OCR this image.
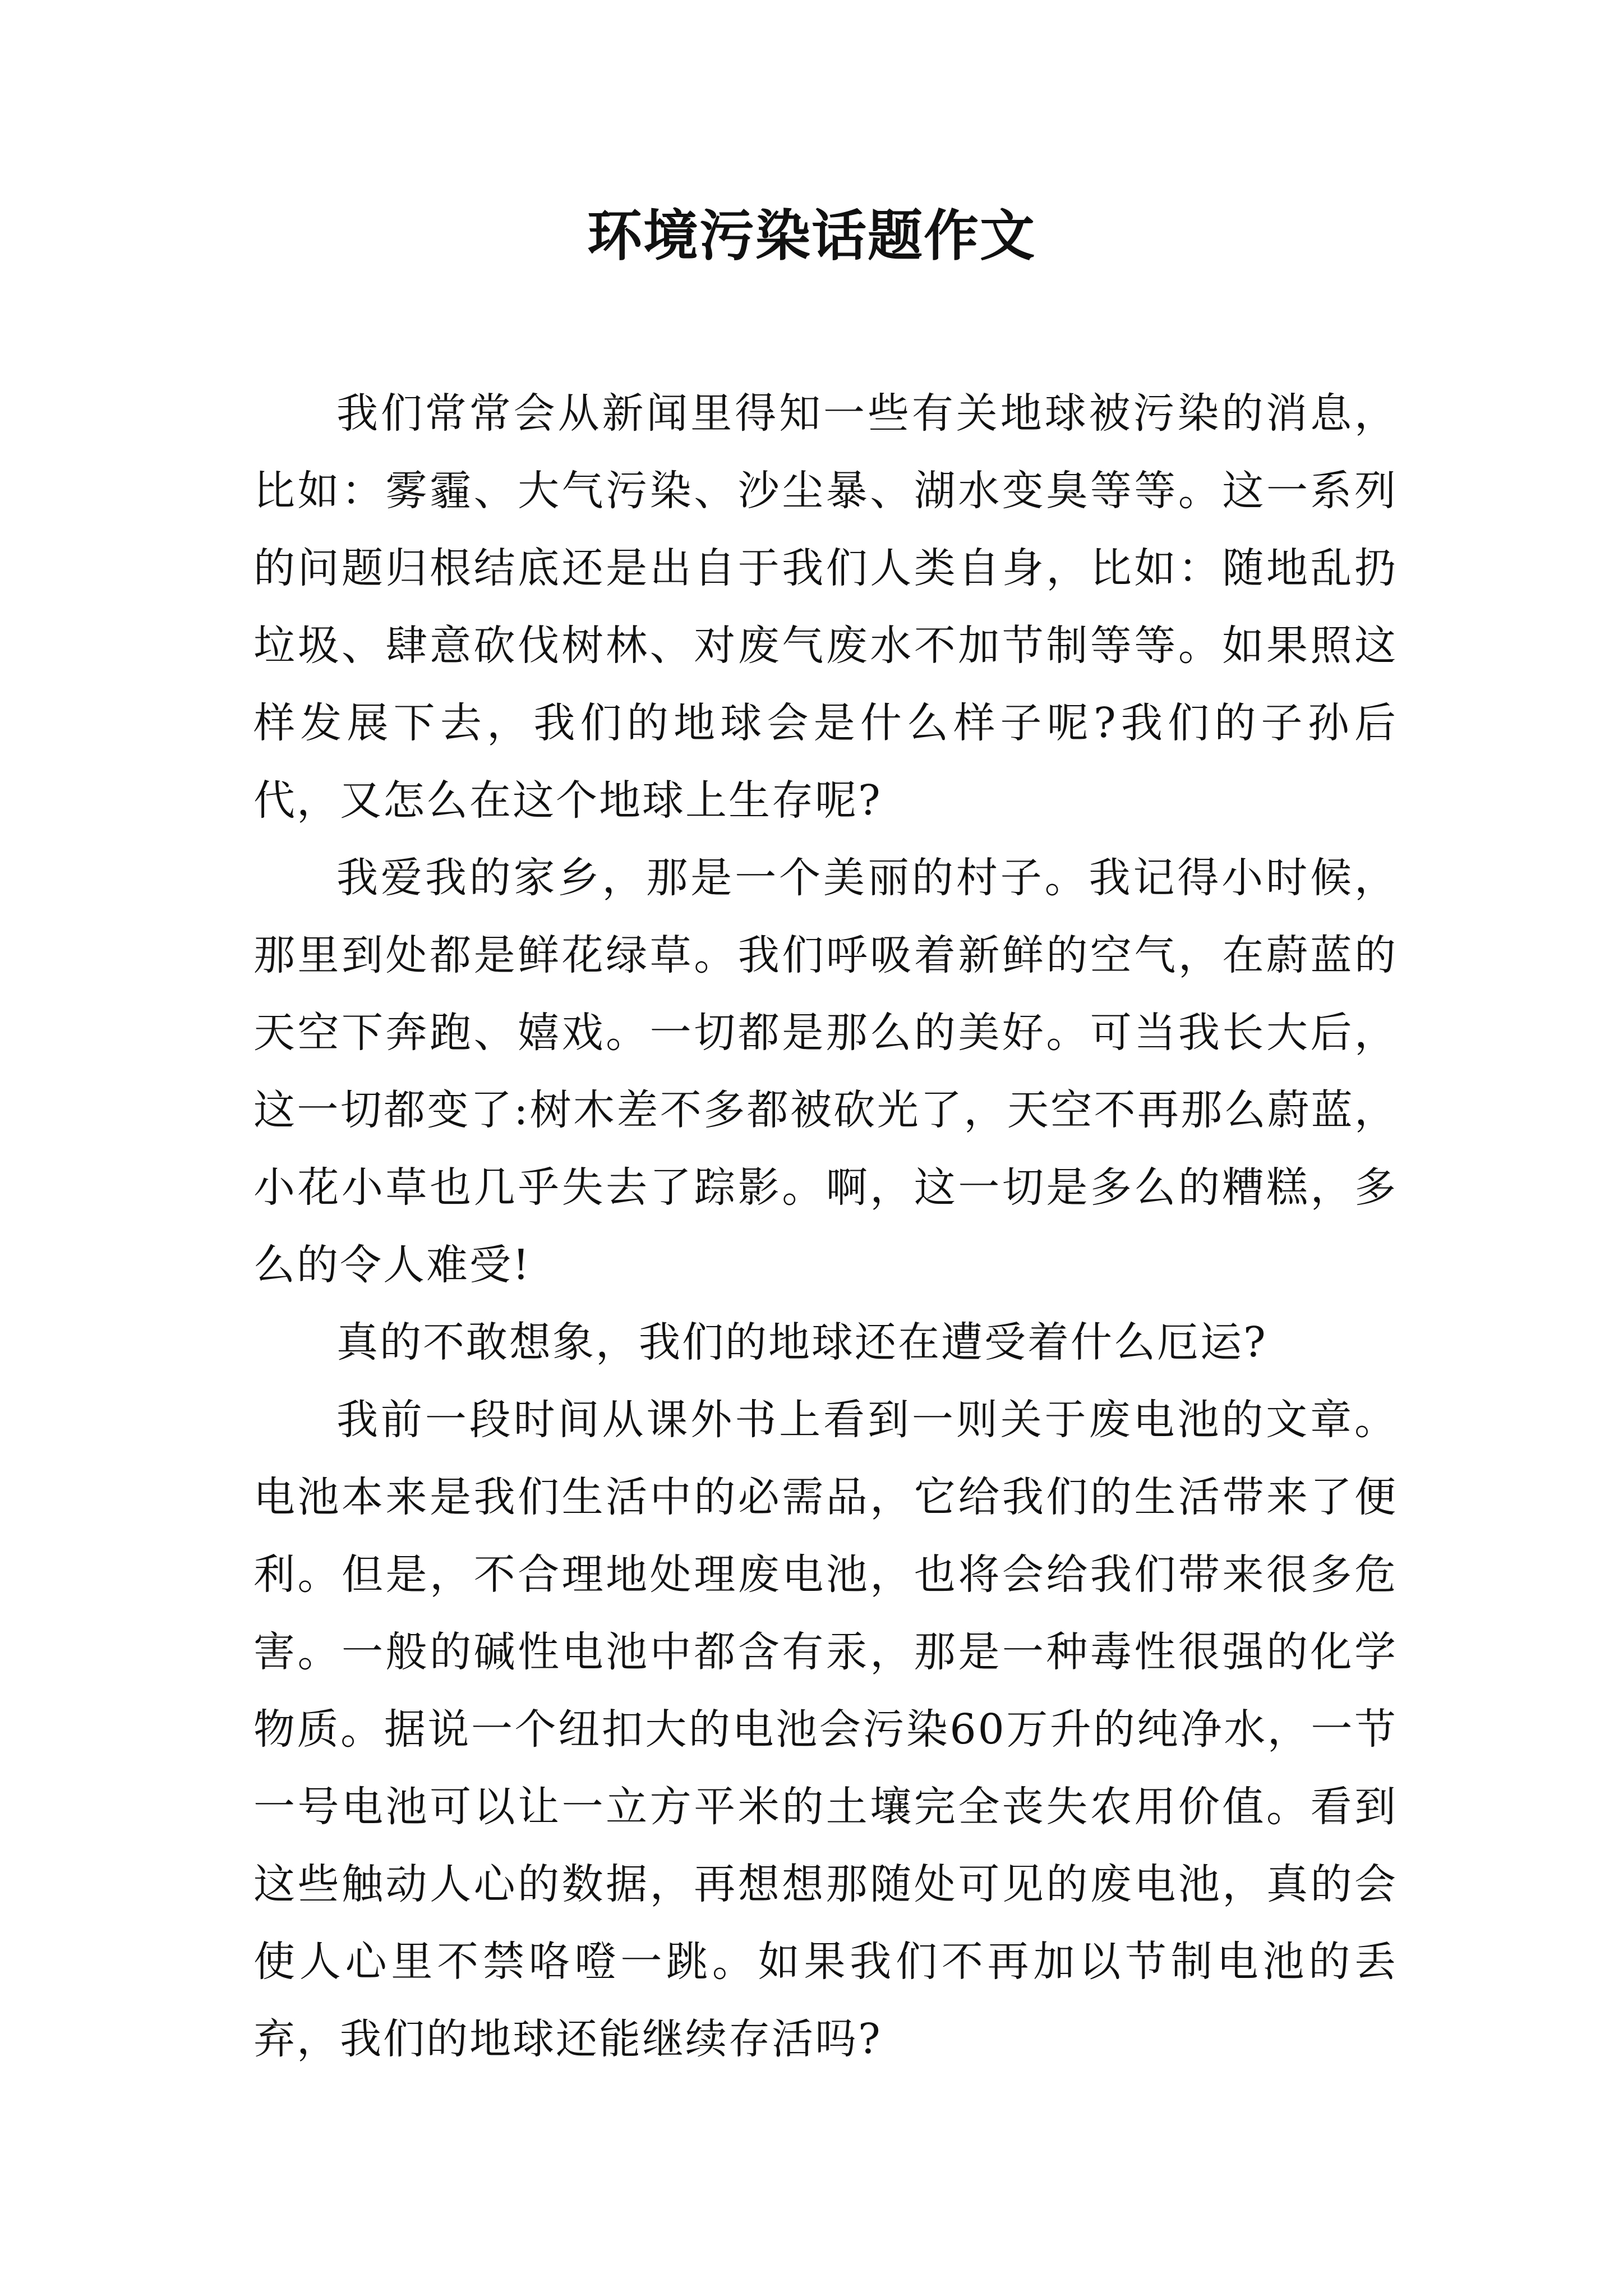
环境污染话题作文

我们常常会从新闻里得知一些有关地球被污染的消息，比如：雾霾、大气污染、沙尘暴、湖水变臭等等。这一系列的问题归根结底还是出自于我们人类自身，比如：随地乱扔垃圾、肆意砍伐树林、对废气废水不加节制等等。如果照这样发展下去，我们的地球会是什么样子呢?我们的子孙后代，又怎么在这个地球上生存呢?

我爱我的家乡，那是一个美丽的村子。我记得小时候，那里到处都是鲜花绿草。我们呼吸着新鲜的空气，在蔚蓝的天空下奔跑、嬉戏。一切都是那么的美好。可当我长大后，这一切都变了:树木差不多都被砍光了，天空不再那么蔚蓝，小花小草也几乎失去了踪影。啊，这一切是多么的糟糕，多么的令人难受!

真的不敢想象，我们的地球还在遭受着什么厄运?

我前一段时间从课外书上看到一则关于废电池的文章。电池本来是我们生活中的必需品，它给我们的生活带来了便利。但是，不合理地处理废电池，也将会给我们带来很多危害。一般的碱性电池中都含有汞，那是一种毒性很强的化学物质。据说一个纽扣大的电池会污染60万升的纯净水，一节一号电池可以让一立方平米的土壤完全丧失农用价值。看到这些触动人心的数据，再想想那随处可见的废电池，真的会使人心里不禁咯噔一跳。如果我们不再加以节制电池的丢弃，我们的地球还能继续存活吗?
